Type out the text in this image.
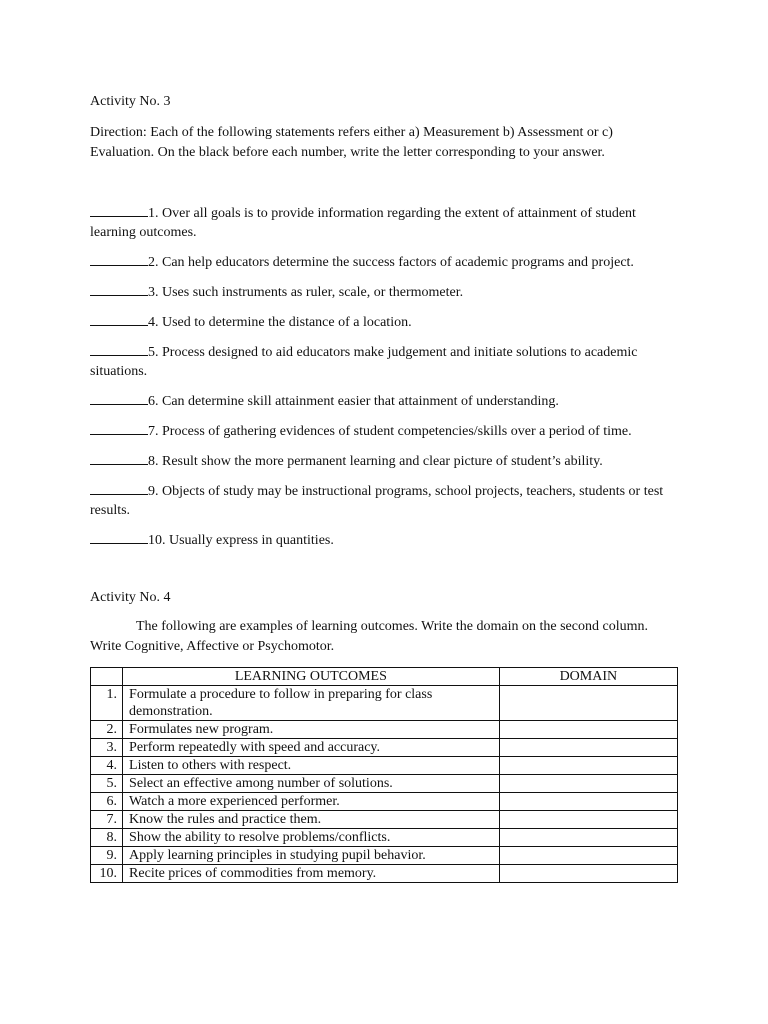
Activity No. 3

Direction: Each of the following statements refers either a) Measurement b) Assessment or c) Evaluation. On the black before each number, write the letter corresponding to your answer.

1. Over all goals is to provide information regarding the extent of attainment of student learning outcomes.

2. Can help educators determine the success factors of academic programs and project.

3. Uses such instruments as ruler, scale, or thermometer.

4. Used to determine the distance of a location.

5. Process designed to aid educators make judgement and initiate solutions to academic situations.

6. Can determine skill attainment easier that attainment of understanding.

7. Process of gathering evidences of student competencies/skills over a period of time.

8. Result show the more permanent learning and clear picture of student’s ability.

9. Objects of study may be instructional programs, school projects, teachers, students or test results.

10. Usually express in quantities.

Activity No. 4

The following are examples of learning outcomes. Write the domain on the second column. Write Cognitive, Affective or Psychomotor.

	LEARNING OUTCOMES	DOMAIN
1.	Formulate a procedure to follow in preparing for class demonstration.	
2.	Formulates new program.	
3.	Perform repeatedly with speed and accuracy.	
4.	Listen to others with respect.	
5.	Select an effective among number of solutions.	
6.	Watch a more experienced performer.	
7.	Know the rules and practice them.	
8.	Show the ability to resolve problems/conflicts.	
9.	Apply learning principles in studying pupil behavior.	
10.	Recite prices of commodities from memory.	
